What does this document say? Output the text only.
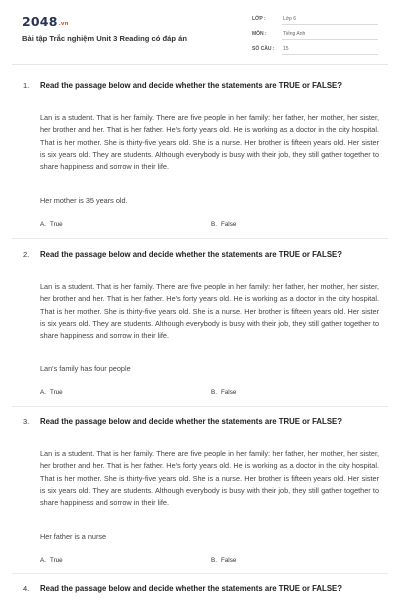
2048.vn
Bài tập Trắc nghiệm Unit 3 Reading có đáp án
LỚP :	Lớp 6
MÔN :	Tiếng Anh
SỐ CÂU : 15
1. Read the passage below and decide whether the statements are TRUE or FALSE?
Lan is a student. That is her family. There are five people in her family: her father, her mother, her sister, her brother and her. That is her father. He's forty years old. He is working as a doctor in the city hospital. That is her mother. She is thirty-five years old. She is a nurse. Her brother is fifteen years old. Her sister is six years old. They are students. Although everybody is busy with their job, they still gather together to share happiness and sorrow in their life.
Her mother is 35 years old.
A. True	B. False
2. Read the passage below and decide whether the statements are TRUE or FALSE?
Lan is a student. That is her family. There are five people in her family: her father, her mother, her sister, her brother and her. That is her father. He's forty years old. He is working as a doctor in the city hospital. That is her mother. She is thirty-five years old. She is a nurse. Her brother is fifteen years old. Her sister is six years old. They are students. Although everybody is busy with their job, they still gather together to share happiness and sorrow in their life.
Lan's family has four people
A. True	B. False
3. Read the passage below and decide whether the statements are TRUE or FALSE?
Lan is a student. That is her family. There are five people in her family: her father, her mother, her sister, her brother and her. That is her father. He's forty years old. He is working as a doctor in the city hospital. That is her mother. She is thirty-five years old. She is a nurse. Her brother is fifteen years old. Her sister is six years old. They are students. Although everybody is busy with their job, they still gather together to share happiness and sorrow in their life.
Her father is a nurse
A. True	B. False
4. Read the passage below and decide whether the statements are TRUE or FALSE?
